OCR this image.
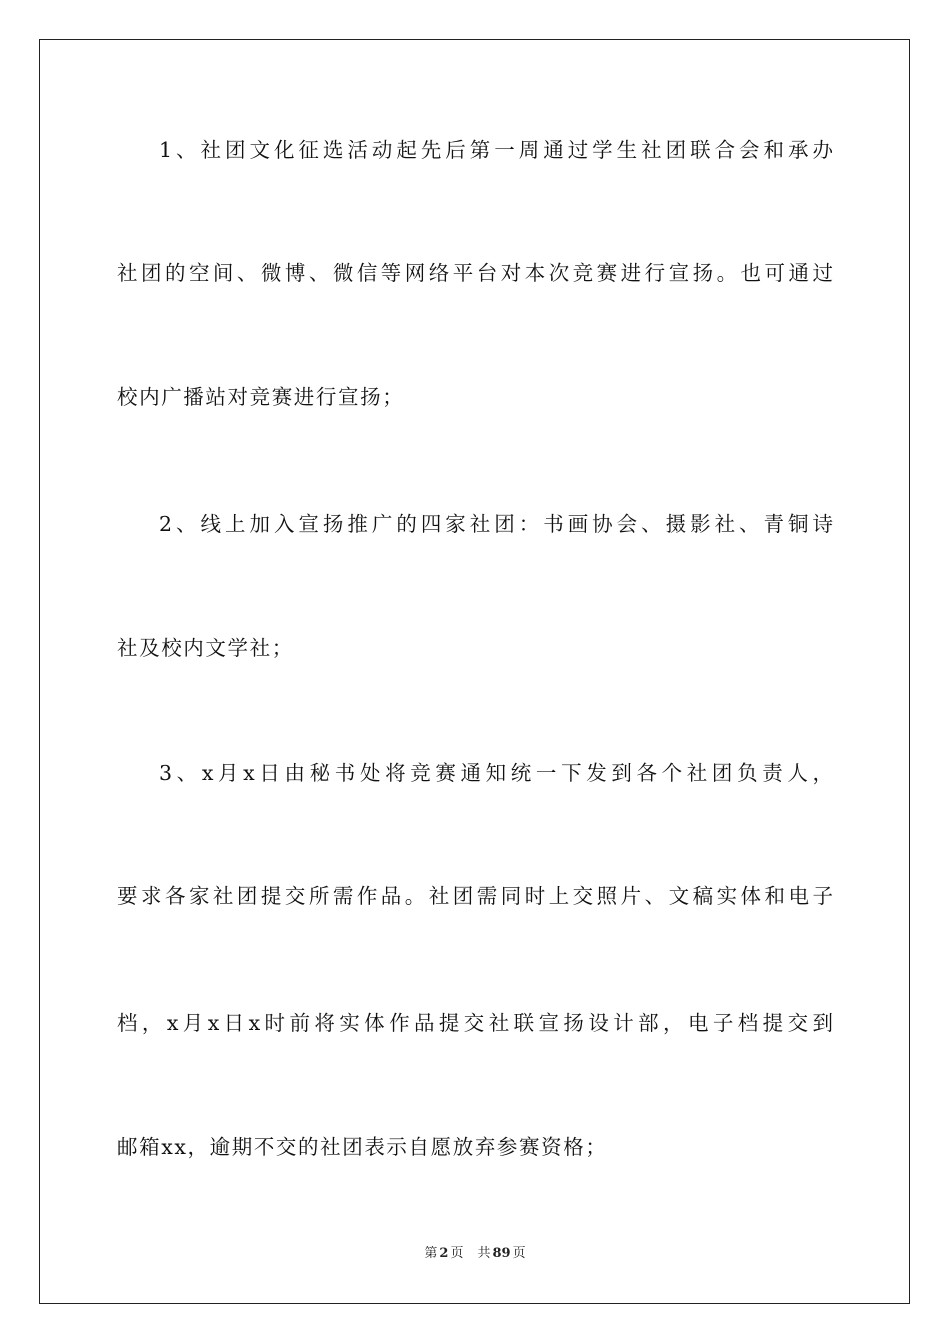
1、社团文化征选活动起先后第一周通过学生社团联合会和承办
社团的空间、微博、微信等网络平台对本次竞赛进行宣扬。也可通过
校内广播站对竞赛进行宣扬；
2、线上加入宣扬推广的四家社团：书画协会、摄影社、青铜诗
社及校内文学社；
3、x月x日由秘书处将竞赛通知统一下发到各个社团负责人，
要求各家社团提交所需作品。社团需同时上交照片、文稿实体和电子
档，x月x日x时前将实体作品提交社联宣扬设计部，电子档提交到
邮箱xx，逾期不交的社团表示自愿放弃参赛资格；
第 2 页 共 89 页
